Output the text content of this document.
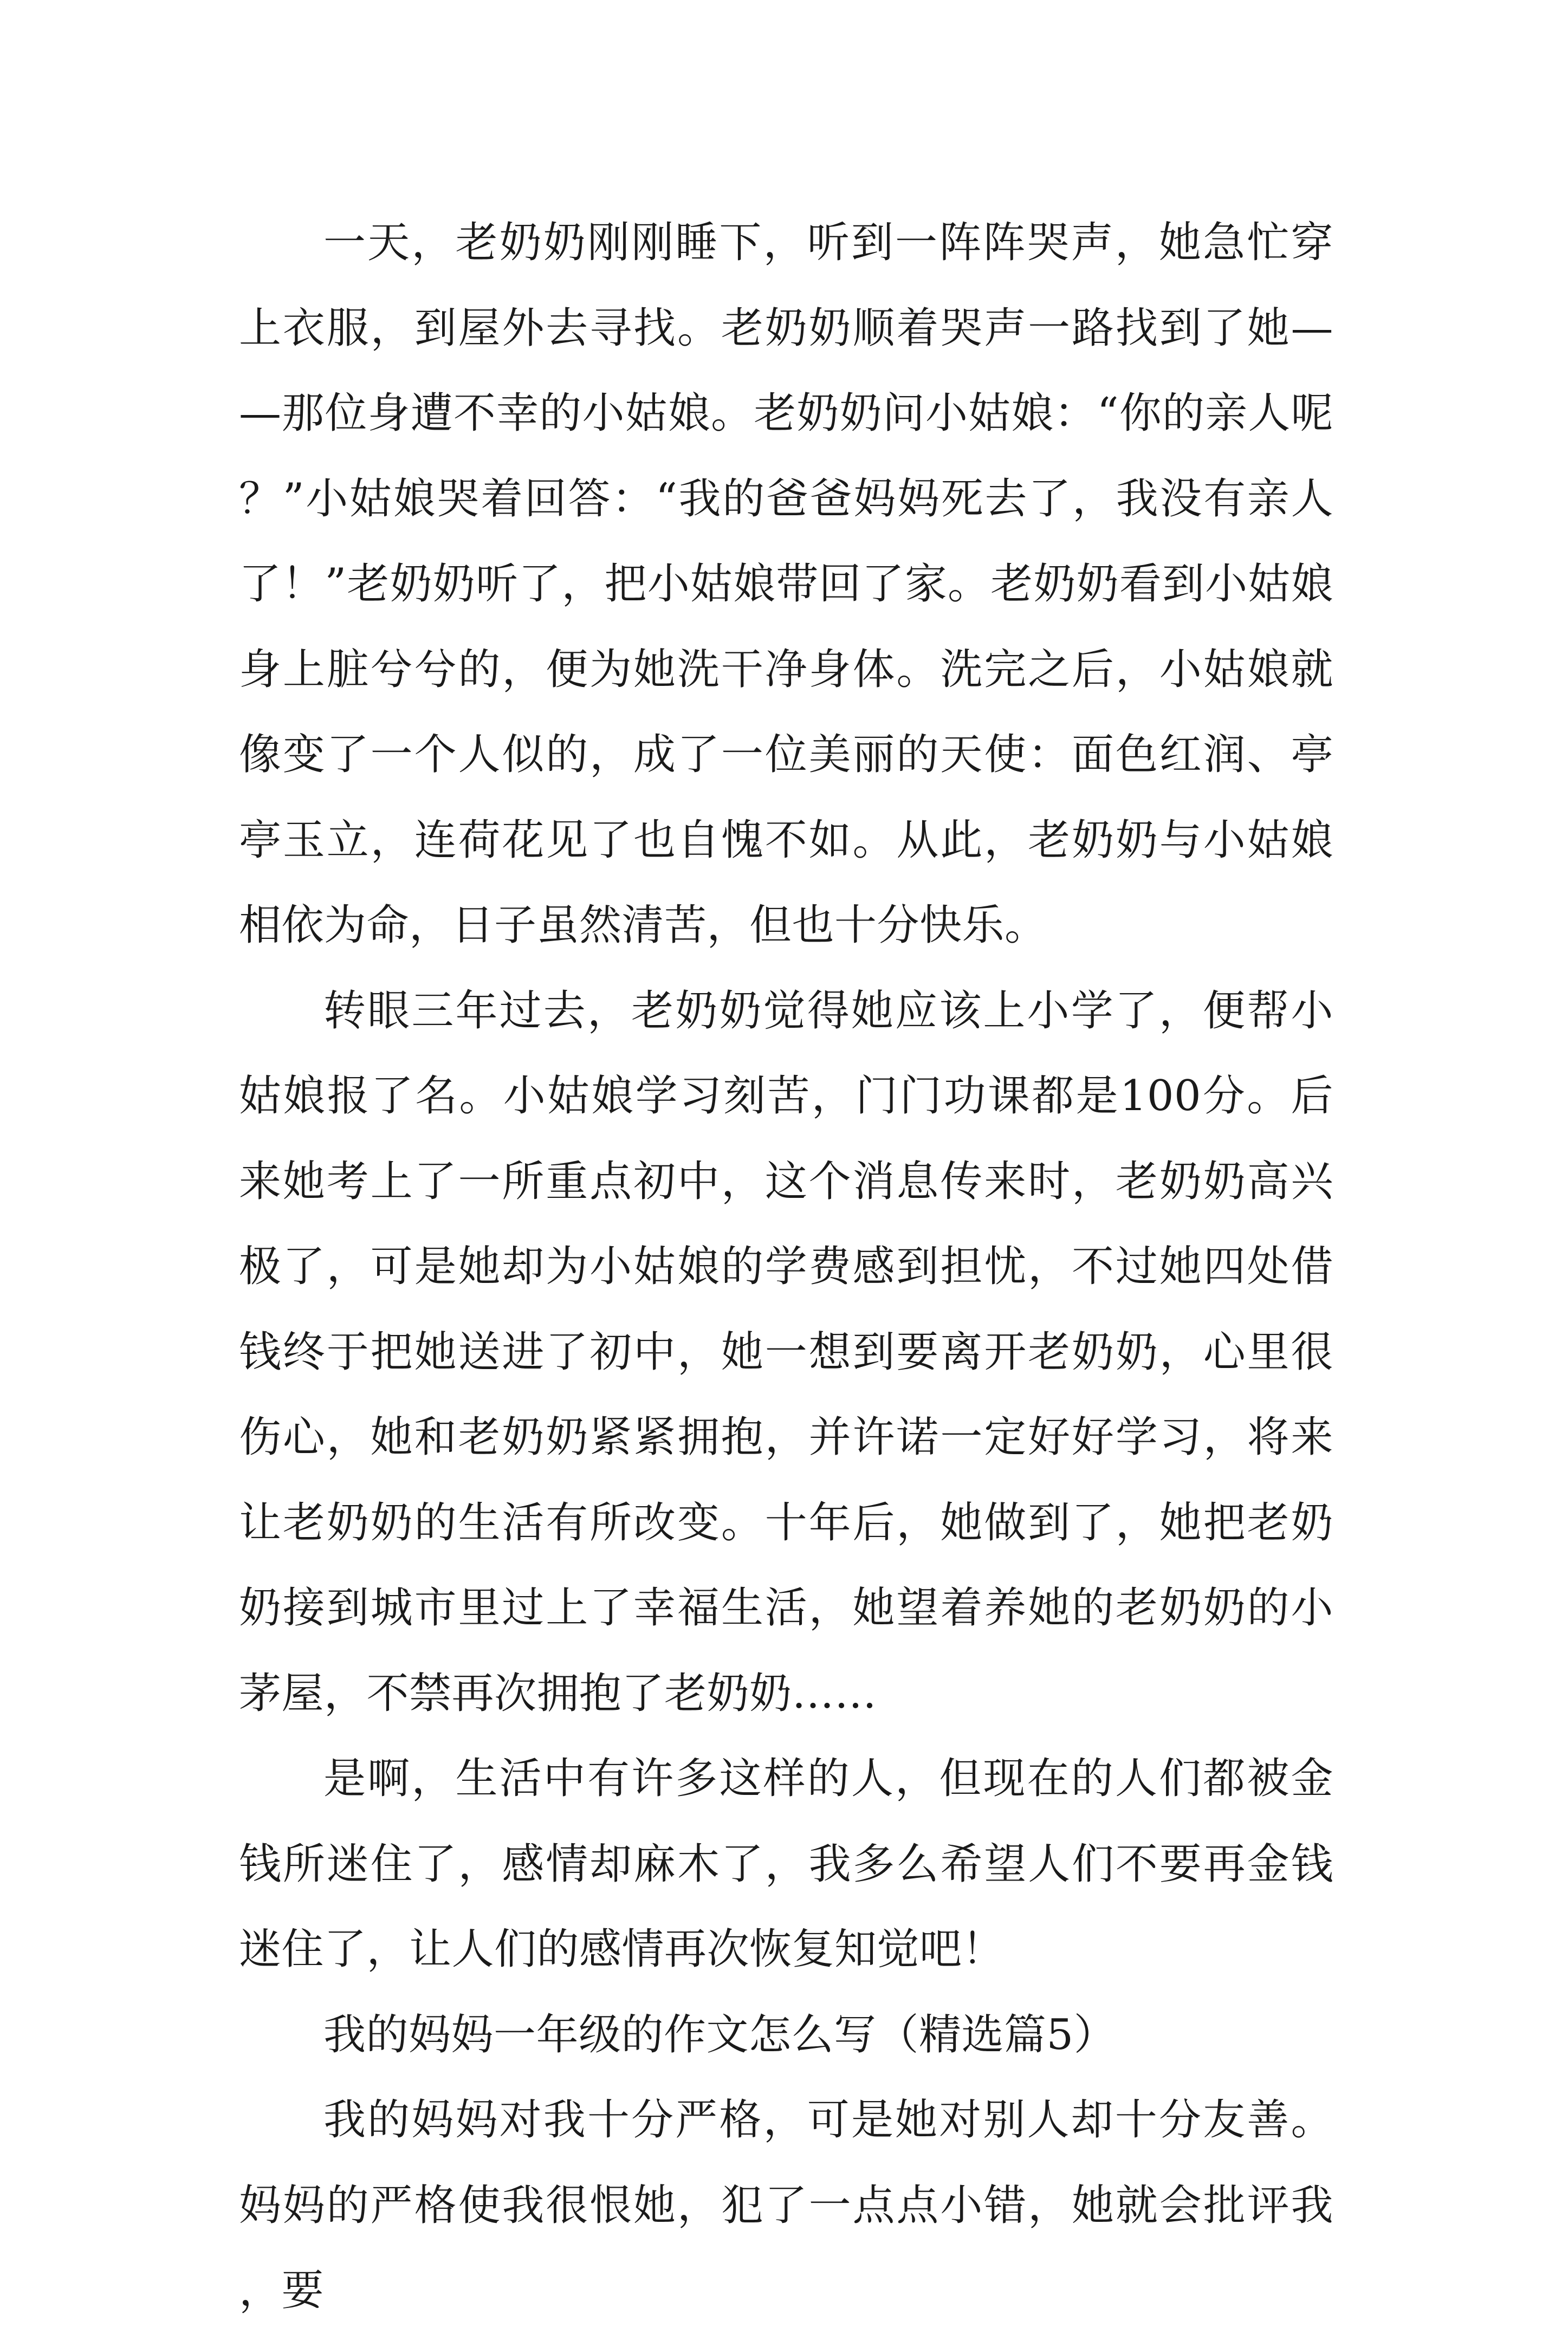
一天，老奶奶刚刚睡下，听到一阵阵哭声，她急忙穿上衣服，到屋外去寻找。老奶奶顺着哭声一路找到了她——那位身遭不幸的小姑娘。老奶奶问小姑娘：“你的亲人呢？”小姑娘哭着回答：“我的爸爸妈妈死去了，我没有亲人了！”老奶奶听了，把小姑娘带回了家。老奶奶看到小姑娘身上脏兮兮的，便为她洗干净身体。洗完之后，小姑娘就像变了一个人似的，成了一位美丽的天使：面色红润、亭亭玉立，连荷花见了也自愧不如。从此，老奶奶与小姑娘相依为命，日子虽然清苦，但也十分快乐。

转眼三年过去，老奶奶觉得她应该上小学了，便帮小姑娘报了名。小姑娘学习刻苦，门门功课都是100分。后来她考上了一所重点初中，这个消息传来时，老奶奶高兴极了，可是她却为小姑娘的学费感到担忧，不过她四处借钱终于把她送进了初中，她一想到要离开老奶奶，心里很伤心，她和老奶奶紧紧拥抱，并许诺一定好好学习，将来让老奶奶的生活有所改变。十年后，她做到了，她把老奶奶接到城市里过上了幸福生活，她望着养她的老奶奶的小茅屋，不禁再次拥抱了老奶奶……

是啊，生活中有许多这样的人，但现在的人们都被金钱所迷住了，感情却麻木了，我多么希望人们不要再金钱迷住了，让人们的感情再次恢复知觉吧！

我的妈妈一年级的作文怎么写（精选篇5）

我的妈妈对我十分严格，可是她对别人却十分友善。妈妈的严格使我很恨她，犯了一点点小错，她就会批评我，要
